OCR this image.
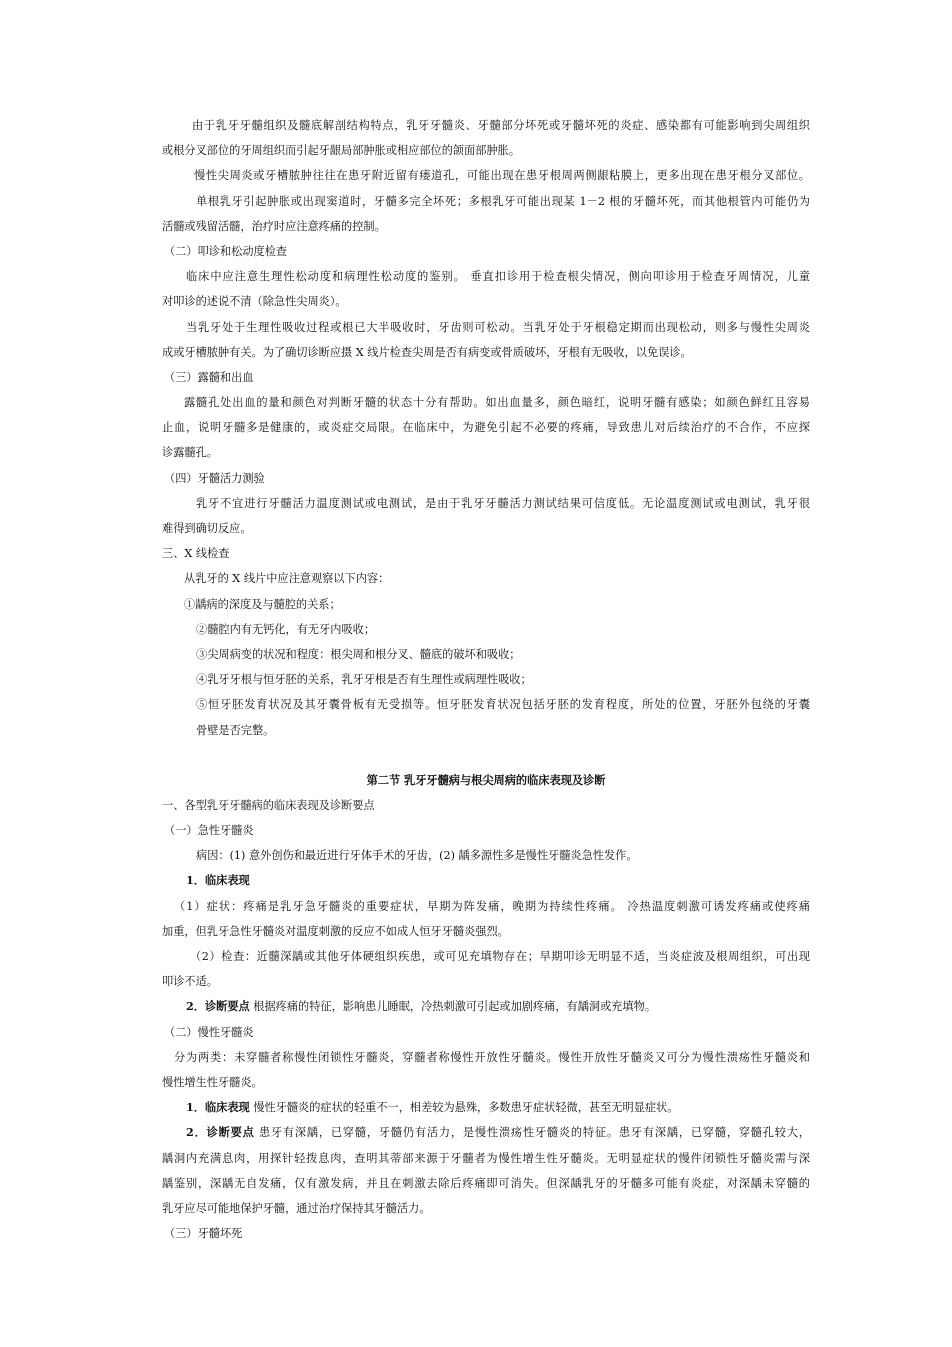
由于乳牙牙髓组织及髓底解剖结构特点，乳牙牙髓炎、牙髓部分坏死或牙髓坏死的炎症、感染都有可能影响到尖周组织
或根分叉部位的牙周组织而引起牙龈局部肿胀或相应部位的颌面部肿胀。
慢性尖周炎或牙槽脓肿往往在患牙附近留有瘘道孔，可能出现在患牙根周两侧龈粘膜上，更多出现在患牙根分叉部位。
单根乳牙引起肿胀或出现窦道时，牙髓多完全坏死；多根乳牙可能出现某 1－2 根的牙髓坏死，而其他根管内可能仍为
活髓或残留活髓，治疗时应注意疼痛的控制。
（二）叩诊和松动度检查
临床中应注意生理性松动度和病理性松动度的鉴别。 垂直扣诊用于检查根尖情况，侧向叩诊用于检查牙周情况，儿童
对叩诊的述说不清（除急性尖周炎）。
当乳牙处于生理性吸收过程或根已大半吸收时，牙齿则可松动。当乳牙处于牙根稳定期而出现松动，则多与慢性尖周炎
成或牙槽脓肿有关。为了确切诊断应摄 X 线片检查尖周是否有病变或骨质破坏，牙根有无吸收，以免误诊。
（三）露髓和出血
露髓孔处出血的量和颜色对判断牙髓的状态十分有帮助。如出血量多，颜色暗红，说明牙髓有感染；如颜色鲜红且容易
止血，说明牙髓多是健康的，或炎症交局限。在临床中，为避免引起不必要的疼痛，导致患儿对后续治疗的不合作，不应探
诊露髓孔。
（四）牙髓活力测验
乳牙不宜进行牙髓活力温度测试或电测试，是由于乳牙牙髓活力测试结果可信度低。无论温度测试或电测试，乳牙很
难得到确切反应。
三、X 线检查
从乳牙的 X 线片中应注意观察以下内容：
①龋病的深度及与髓腔的关系；
②髓腔内有无钙化，有无牙内吸收；
③尖周病变的状况和程度：根尖周和根分叉、髓底的破坏和吸收；
④乳牙牙根与恒牙胚的关系，乳牙牙根是否有生理性或病理性吸收；
⑤恒牙胚发育状况及其牙囊骨板有无受损等。恒牙胚发育状况包括牙胚的发育程度，所处的位置，牙胚外包绕的牙囊
骨壁是否完整。
第二节 乳牙牙髓病与根尖周病的临床表现及诊断
一、各型乳牙牙髓病的临床表现及诊断要点
（一）急性牙髓炎
病因：(1) 意外创伤和最近进行牙体手术的牙齿，(2) 龋多源性多是慢性牙髓炎急性发作。
1．临床表现
（1）症状：疼痛是乳牙急牙髓炎的重要症状，早期为阵发痛，晚期为持续性疼痛。 冷热温度刺激可诱发疼痛或使疼痛
加重，但乳牙急性牙髓炎对温度刺激的反应不如成人恒牙牙髓炎强烈。
（2）检查：近髓深龋或其他牙体硬组织疾患，或可见充填物存在；早期叩诊无明显不适，当炎症波及根周组织，可出现
叩诊不适。
2．诊断要点 根据疼痛的特征，影响患儿睡眠，冷热刺激可引起或加剧疼痛，有龋洞或充填物。
（二）慢性牙髓炎
分为两类：未穿髓者称慢性闭锁性牙髓炎，穿髓者称慢性开放性牙髓炎。慢性开放性牙髓炎又可分为慢性溃疡性牙髓炎和
慢性增生性牙髓炎。
1．临床表现 慢性牙髓炎的症状的轻重不一，相差较为悬殊，多数患牙症状轻微，甚至无明显症状。
2．诊断要点 患牙有深龋，已穿髓，牙髓仍有活力，是慢性溃疡性牙髓炎的特征。患牙有深龋，已穿髓，穿髓孔较大，
龋洞内充满息肉，用探针轻拨息肉，查明其蒂部来源于牙髓者为慢性增生性牙髓炎。无明显症状的慢件闭锁性牙髓炎需与深
龋鉴别，深龋无自发痛，仅有激发病，并且在刺激去除后疼痛即可消失。但深龋乳牙的牙髓多可能有炎症，对深龋未穿髓的
乳牙应尽可能地保护牙髓，通过治疗保持其牙髓活力。
（三）牙髓坏死
